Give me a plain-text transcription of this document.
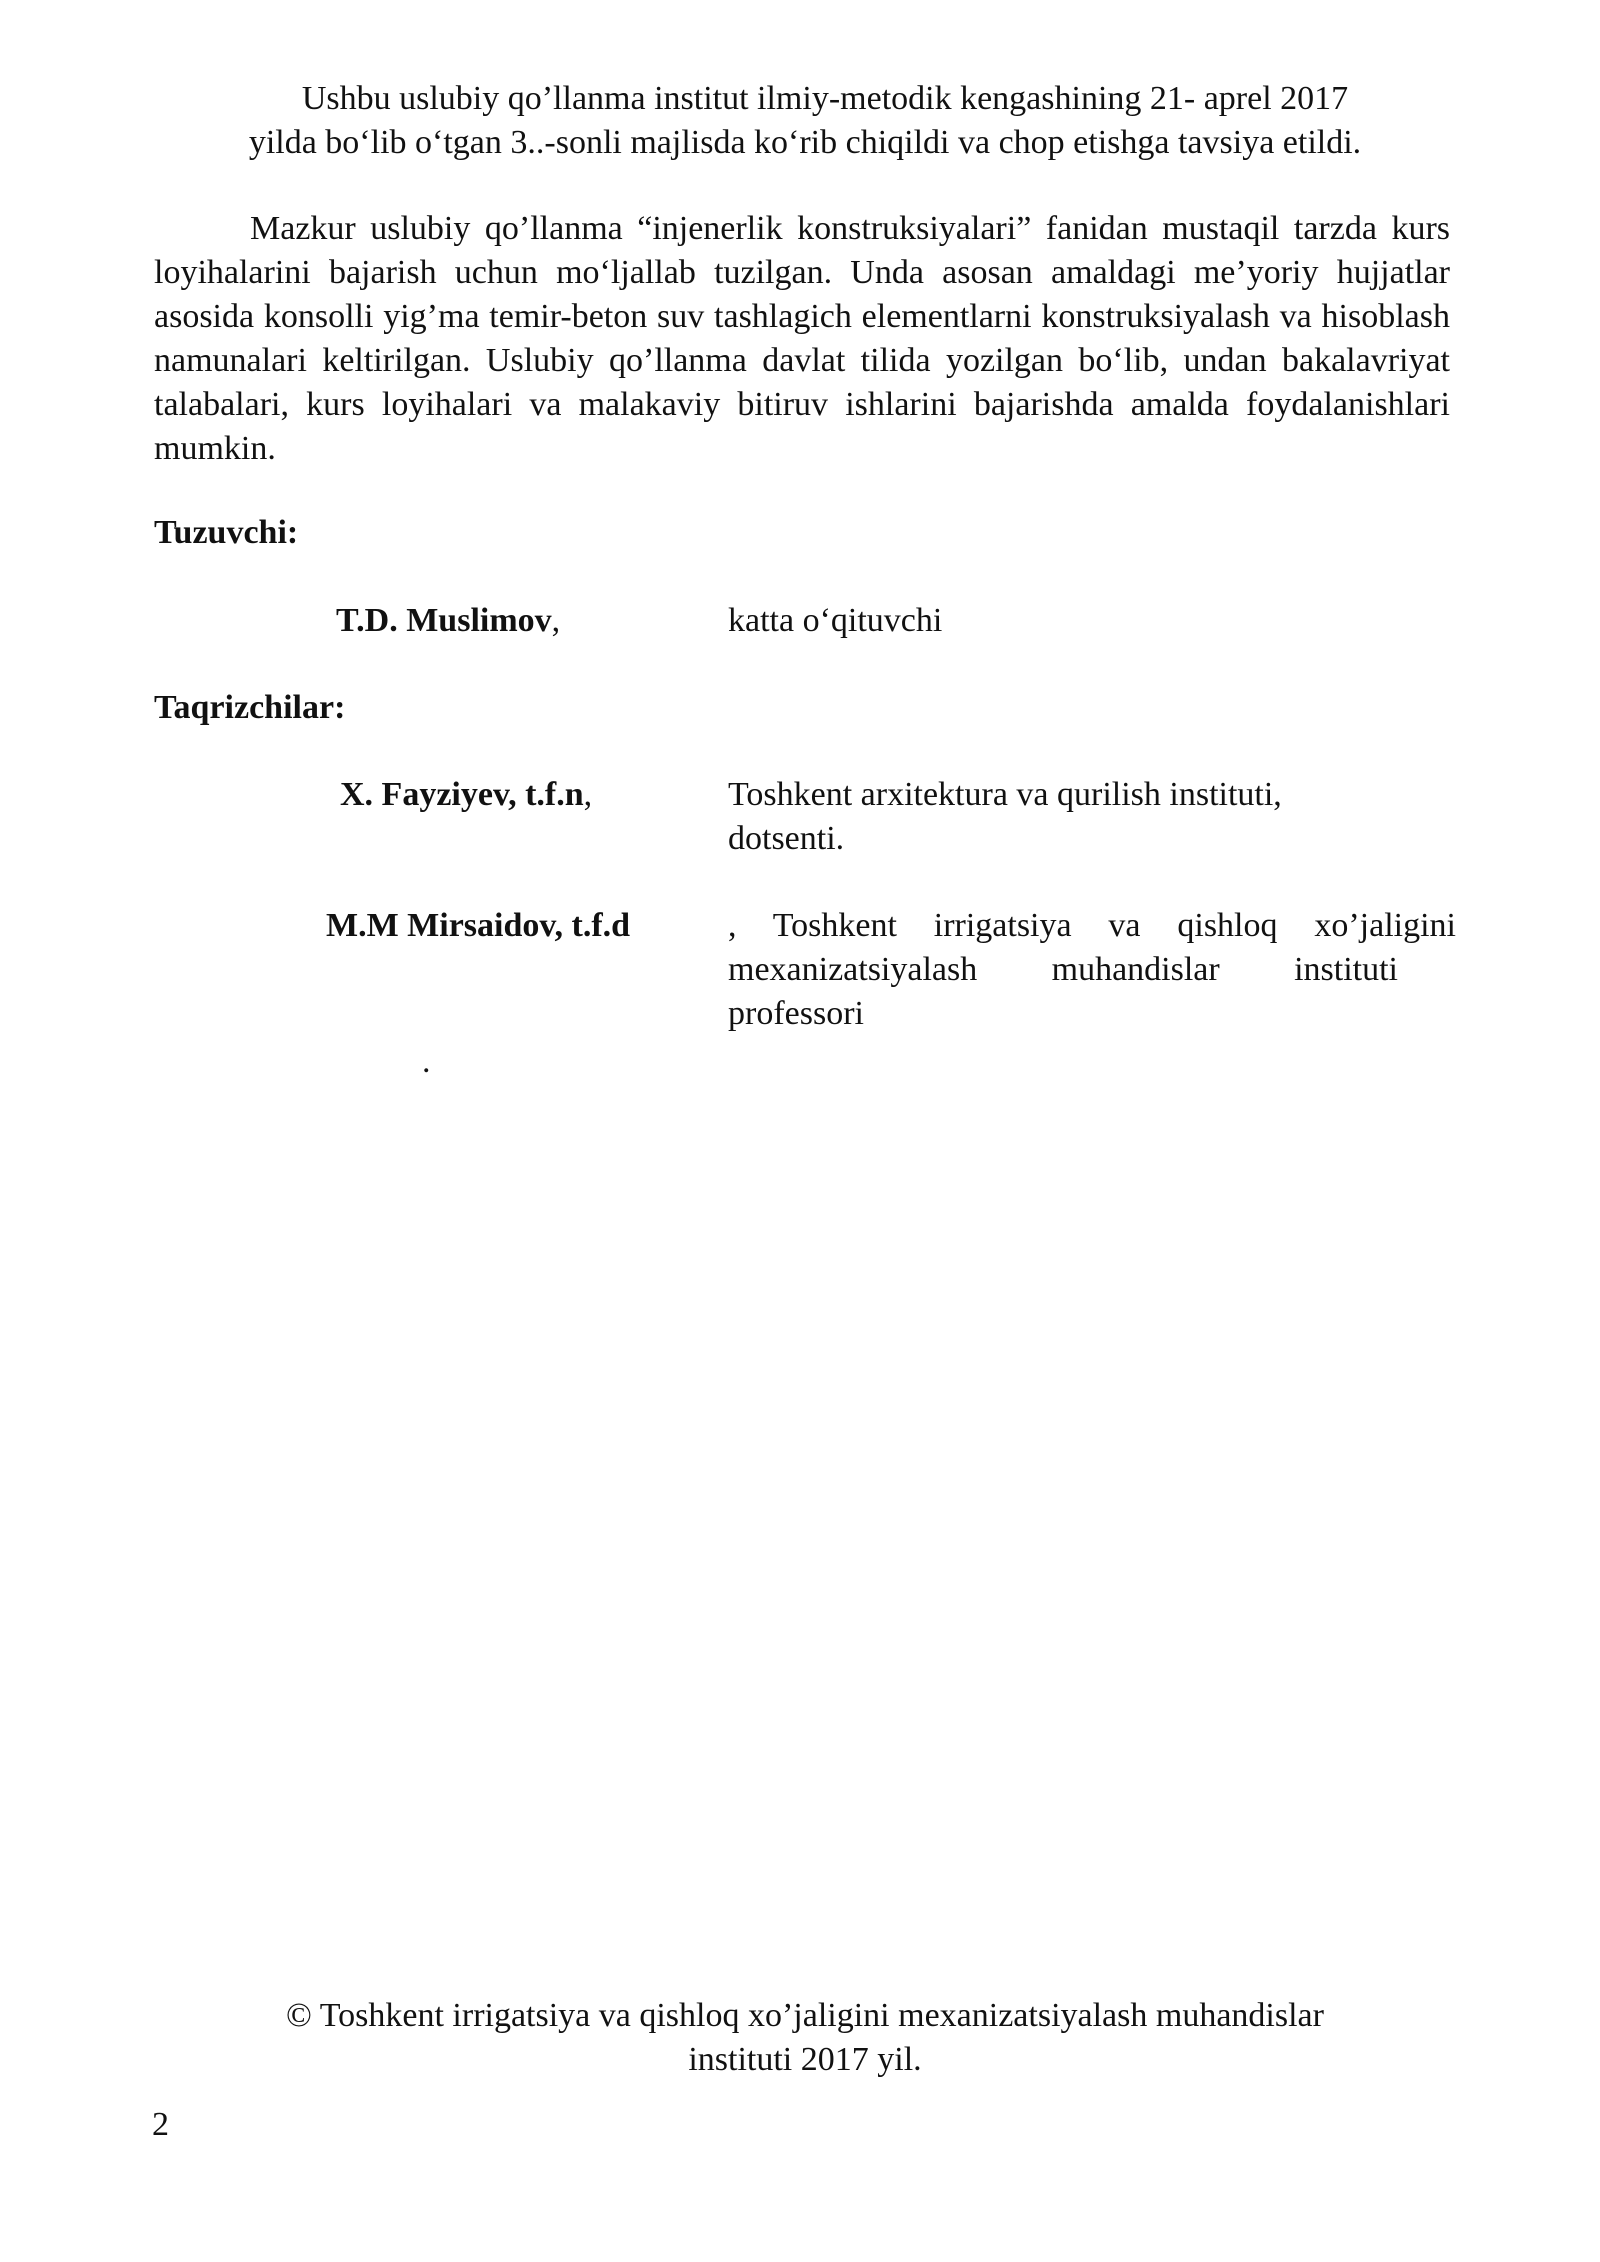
Ushbu uslubiy qo’llanma institut ilmiy-metodik kengashining 21- aprel 2017
yilda bo‘lib o‘tgan 3..-sonli majlisda ko‘rib chiqildi va chop etishga tavsiya etildi.

Mazkur uslubiy qo’llanma “injenerlik konstruksiyalari” fanidan mustaqil tarzda kurs loyihalarini bajarish uchun mo‘ljallab tuzilgan. Unda asosan amaldagi me’yoriy hujjatlar asosida konsolli yig’ma temir-beton suv tashlagich elementlarni konstruksiyalash va hisoblash namunalari keltirilgan. Uslubiy qo’llanma davlat tilida yozilgan bo‘lib, undan bakalavriyat talabalari, kurs loyihalari va malakaviy bitiruv ishlarini bajarishda amalda foydalanishlari mumkin.

Tuzuvchi:

T.D. Muslimov,	katta o‘qituvchi

Taqrizchilar:

X. Fayziyev, t.f.n,	Toshkent arxitektura va qurilish instituti,
dotsenti.
M.M Mirsaidov, t.f.d	, Toshkent irrigatsiya va qishloq xo’jaligini
mexanizatsiyalash muhandislar instituti
professori
.
© Toshkent irrigatsiya va qishloq xo’jaligini mexanizatsiyalash muhandislar
instituti 2017 yil.
2
